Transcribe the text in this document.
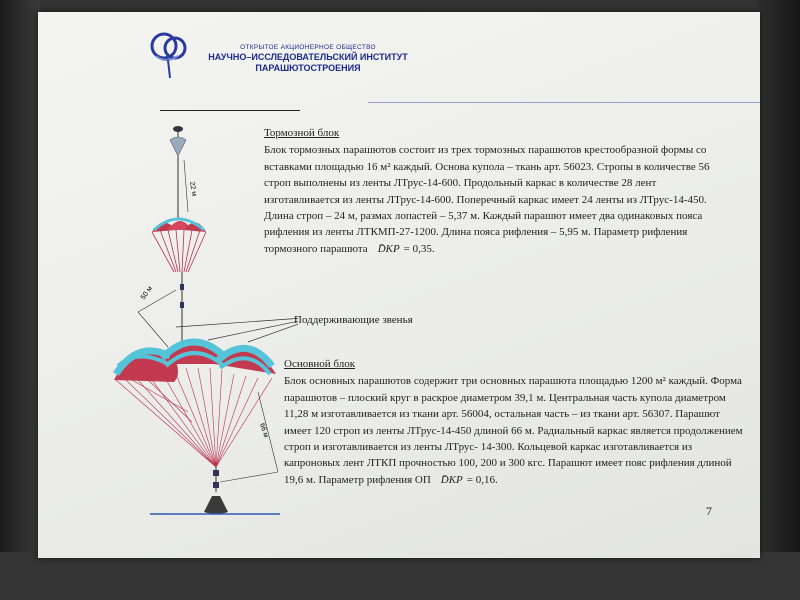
ОТКРЫТОЕ АКЦИОНЕРНОЕ ОБЩЕСТВО
НАУЧНО–ИССЛЕДОВАТЕЛЬСКИЙ ИНСТИТУТ
ПАРАШЮТОСТРОЕНИЯ
22 м
50 м
66 м
Тормозной блок
Блок тормозных парашютов состоит из трех тормозных парашютов крестообразной формы со вставками площадью 16 м² каждый. Основа купола – ткань арт. 56023. Стропы в количестве 56 строп выполнены из ленты ЛТрус-14-600. Продольный каркас в количестве 28 лент изготавливается из ленты ЛТрус-14-600. Поперечный каркас имеет 24 ленты из ЛТрус-14-450. Длина строп – 24 м, размах лопастей – 5,37 м. Каждый парашют имеет два одинаковых пояса рифления из ленты ЛТКМП-27-1200. Длина пояса рифления – 5,95 м. Параметр рифления тормозного парашюта D̄КР = 0,35.
Поддерживающие звенья
Основной блок
Блок основных парашютов содержит три основных парашюта площадью 1200 м² каждый. Форма парашютов – плоский круг в раскрое диаметром 39,1 м. Центральная часть купола диаметром 11,28 м изготавливается из ткани арт. 56004, остальная часть – из ткани арт. 56307. Парашют имеет 120 строп из ленты ЛТрус-14-450 длиной 66 м. Радиальный каркас является продолжением строп и изготавливается из ленты ЛТрус- 14-300. Кольцевой каркас изготавливается из капроновых лент ЛТКП прочностью 100, 200 и 300 кгс. Парашют имеет пояс рифления длиной 19,6 м. Параметр рифления ОП D̄КР = 0,16.
7
